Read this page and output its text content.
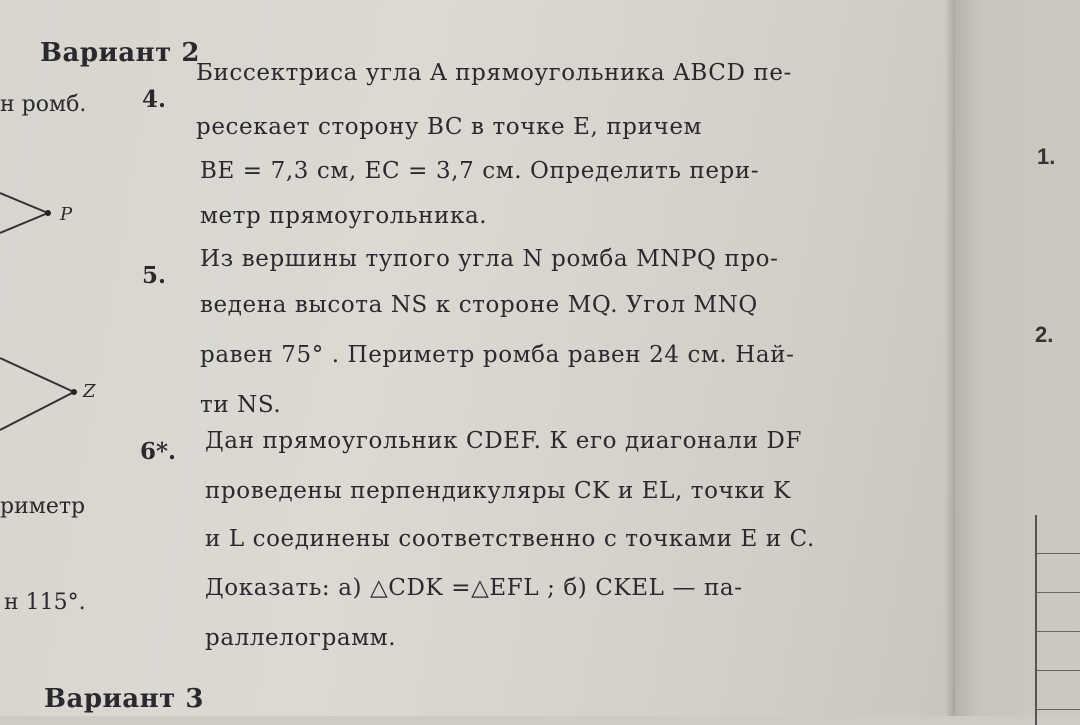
Вариант 2
н ромб.
P
Z
риметр
н 115°.
4.
Биссектриса угла A прямоугольника ABCD пе-
ресекает сторону BC в точке E, причем
BE = 7,3 см, EC = 3,7 см. Определить пери-
метр прямоугольника.
5.
Из вершины тупого угла N ромба MNPQ про-
ведена высота NS к стороне MQ. Угол MNQ
равен 75° . Периметр ромба равен 24 см. Най-
ти NS.
6*. Дан прямоугольник CDEF. К его диагонали DF
проведены перпендикуляры CK и EL, точки K
и L соединены соответственно с точками E и C.
Доказать: а) △CDK =△EFL ; б) CKEL — па-
раллелограмм.
Вариант 3
1.
2.
